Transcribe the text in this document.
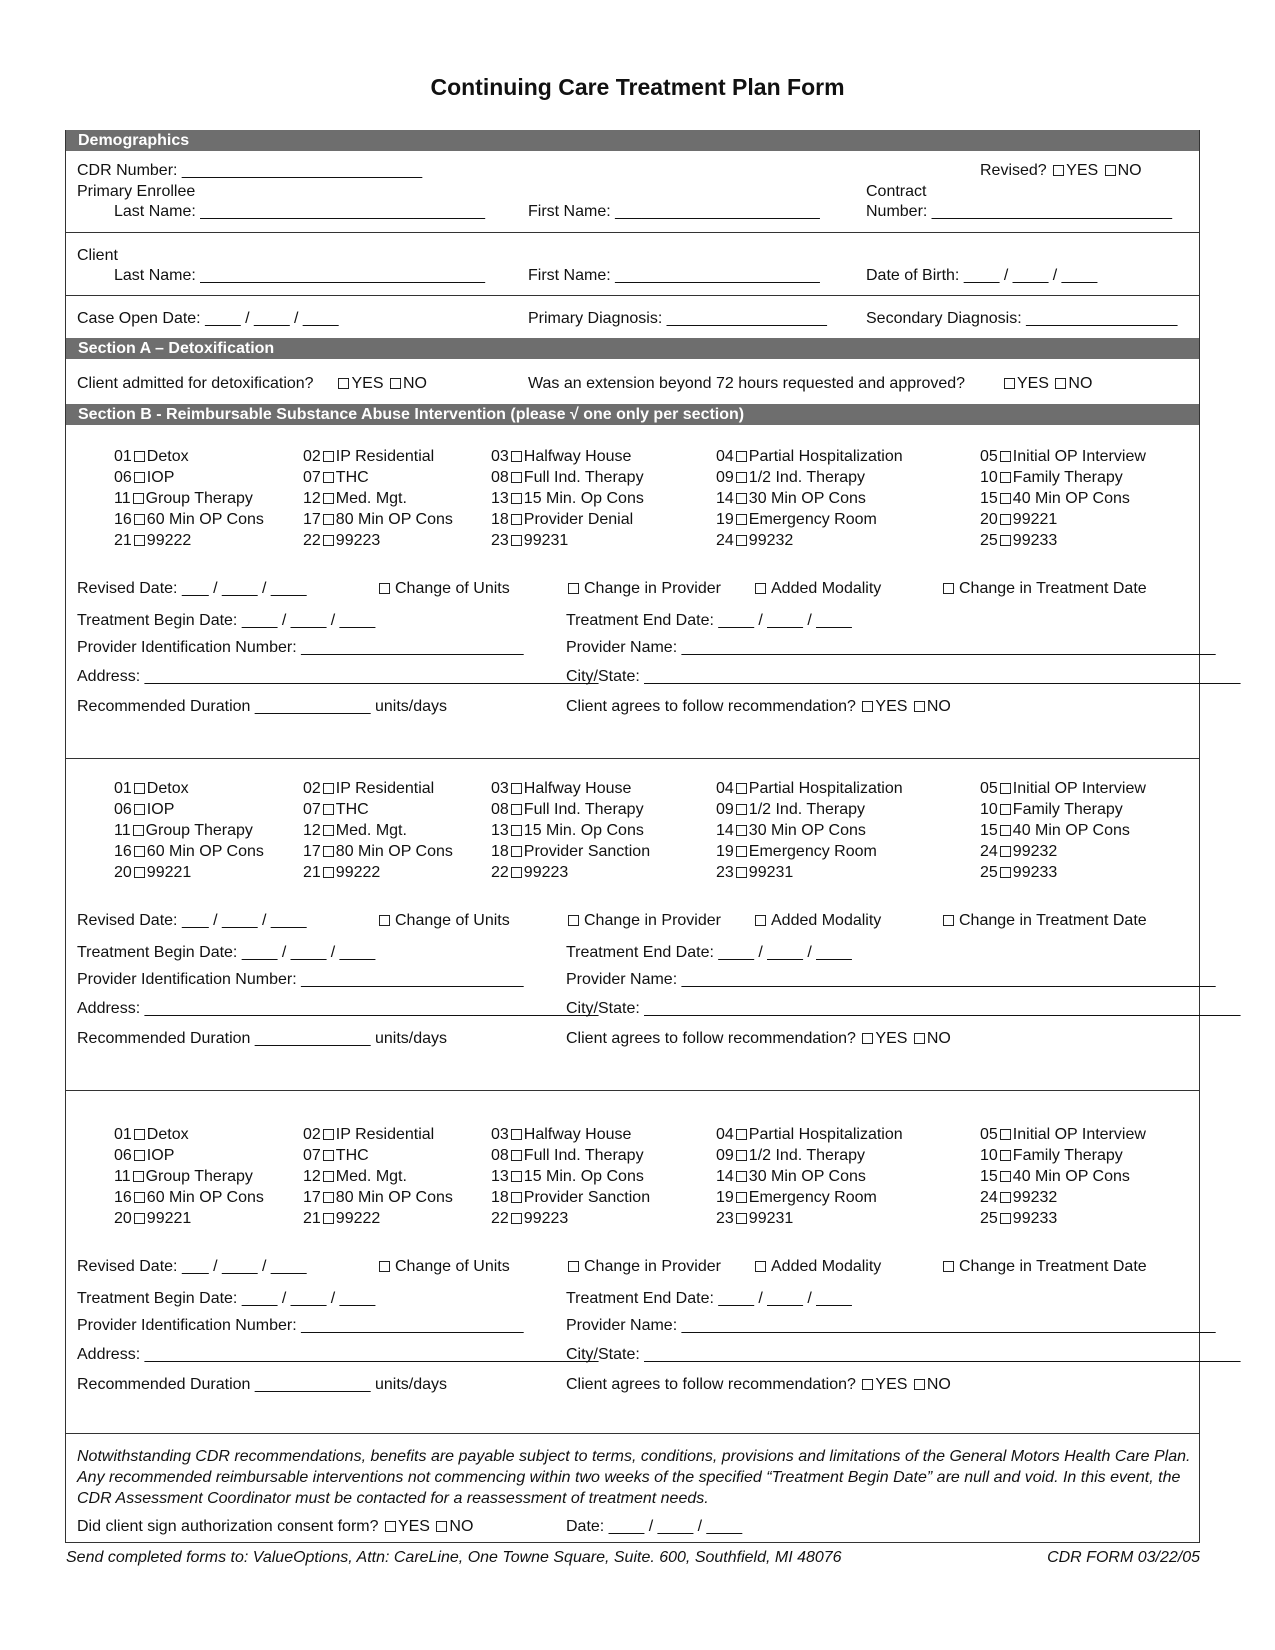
Continuing Care Treatment Plan Form
Demographics
CDR Number: ___________________________	Revised? YES NO
Primary Enrollee	Contract
Last Name: ________________________________	First Name: _______________________	Number: ___________________________
Client
Last Name: ________________________________	First Name: _______________________	Date of Birth: ____ / ____ / ____
Case Open Date: ____ / ____ / ____	Primary Diagnosis: __________________ Secondary Diagnosis: _________________
Section A – Detoxification
Client admitted for detoxification? YES NO	Was an extension beyond 72 hours requested and approved?	YES NO
Section B - Reimbursable Substance Abuse Intervention (please √ one only per section)
01 Detox	02 IP Residential	03 Halfway House	04 Partial Hospitalization	05 Initial OP Interview
06 IOP	07 THC	08 Full Ind. Therapy	09 1/2 Ind. Therapy	10 Family Therapy
11 Group Therapy	12 Med. Mgt.	13 15 Min. Op Cons	14 30 Min OP Cons	15 40 Min OP Cons
16 60 Min OP Cons 17 80 Min OP Cons 18 Provider Denial	19 Emergency Room	20 99221
21 99222	22 99223	23 99231	24 99232	25 99233
Revised Date: ___ / ____ / ____	Change of Units	Change in Provider	Added Modality	Change in Treatment Date
Treatment Begin Date: ____ / ____ / ____	Treatment End Date: ____ / ____ / ____
Provider Identification Number: _________________________	Provider Name: ____________________________________________________________
Address: ___________________________________________________
City/State: ___________________________________________________________________
Recommended Duration _____________ units/days	Client agrees to follow recommendation? YES NO
01 Detox	02 IP Residential	03 Halfway House	04 Partial Hospitalization	05 Initial OP Interview
06 IOP	07 THC	08 Full Ind. Therapy	09 1/2 Ind. Therapy	10 Family Therapy
11 Group Therapy	12 Med. Mgt.	13 15 Min. Op Cons	14 30 Min OP Cons	15 40 Min OP Cons
16 60 Min OP Cons 17 80 Min OP Cons 18 Provider Sanction	19 Emergency Room	24 99232
20 99221	21 99222	22 99223	23 99231	25 99233
Revised Date: ___ / ____ / ____	Change of Units	Change in Provider	Added Modality	Change in Treatment Date
Treatment Begin Date: ____ / ____ / ____	Treatment End Date: ____ / ____ / ____
Provider Identification Number: _________________________	Provider Name: ____________________________________________________________
Address: ___________________________________________________
City/State: ___________________________________________________________________
Recommended Duration _____________ units/days	Client agrees to follow recommendation? YES NO
01 Detox	02 IP Residential	03 Halfway House	04 Partial Hospitalization	05 Initial OP Interview
06 IOP	07 THC	08 Full Ind. Therapy	09 1/2 Ind. Therapy	10 Family Therapy
11 Group Therapy	12 Med. Mgt.	13 15 Min. Op Cons	14 30 Min OP Cons	15 40 Min OP Cons
16 60 Min OP Cons 17 80 Min OP Cons 18 Provider Sanction	19 Emergency Room	24 99232
20 99221	21 99222	22 99223	23 99231	25 99233
Revised Date: ___ / ____ / ____	Change of Units	Change in Provider	Added Modality	Change in Treatment Date
Treatment Begin Date: ____ / ____ / ____	Treatment End Date: ____ / ____ / ____
Provider Identification Number: _________________________	Provider Name: ____________________________________________________________
Address: ___________________________________________________
City/State: ___________________________________________________________________
Recommended Duration _____________ units/days	Client agrees to follow recommendation? YES NO
Notwithstanding CDR recommendations, benefits are payable subject to terms, conditions, provisions and limitations of the General Motors Health Care Plan. Any recommended reimbursable interventions not commencing within two weeks of the specified “Treatment Begin Date” are null and void. In this event, the CDR Assessment Coordinator must be contacted for a reassessment of treatment needs.
Did client sign authorization consent form? YES NO	Date: ____ / ____ / ____
Send completed forms to: ValueOptions, Attn: CareLine, One Towne Square, Suite. 600, Southfield, MI 48076	CDR FORM 03/22/05
